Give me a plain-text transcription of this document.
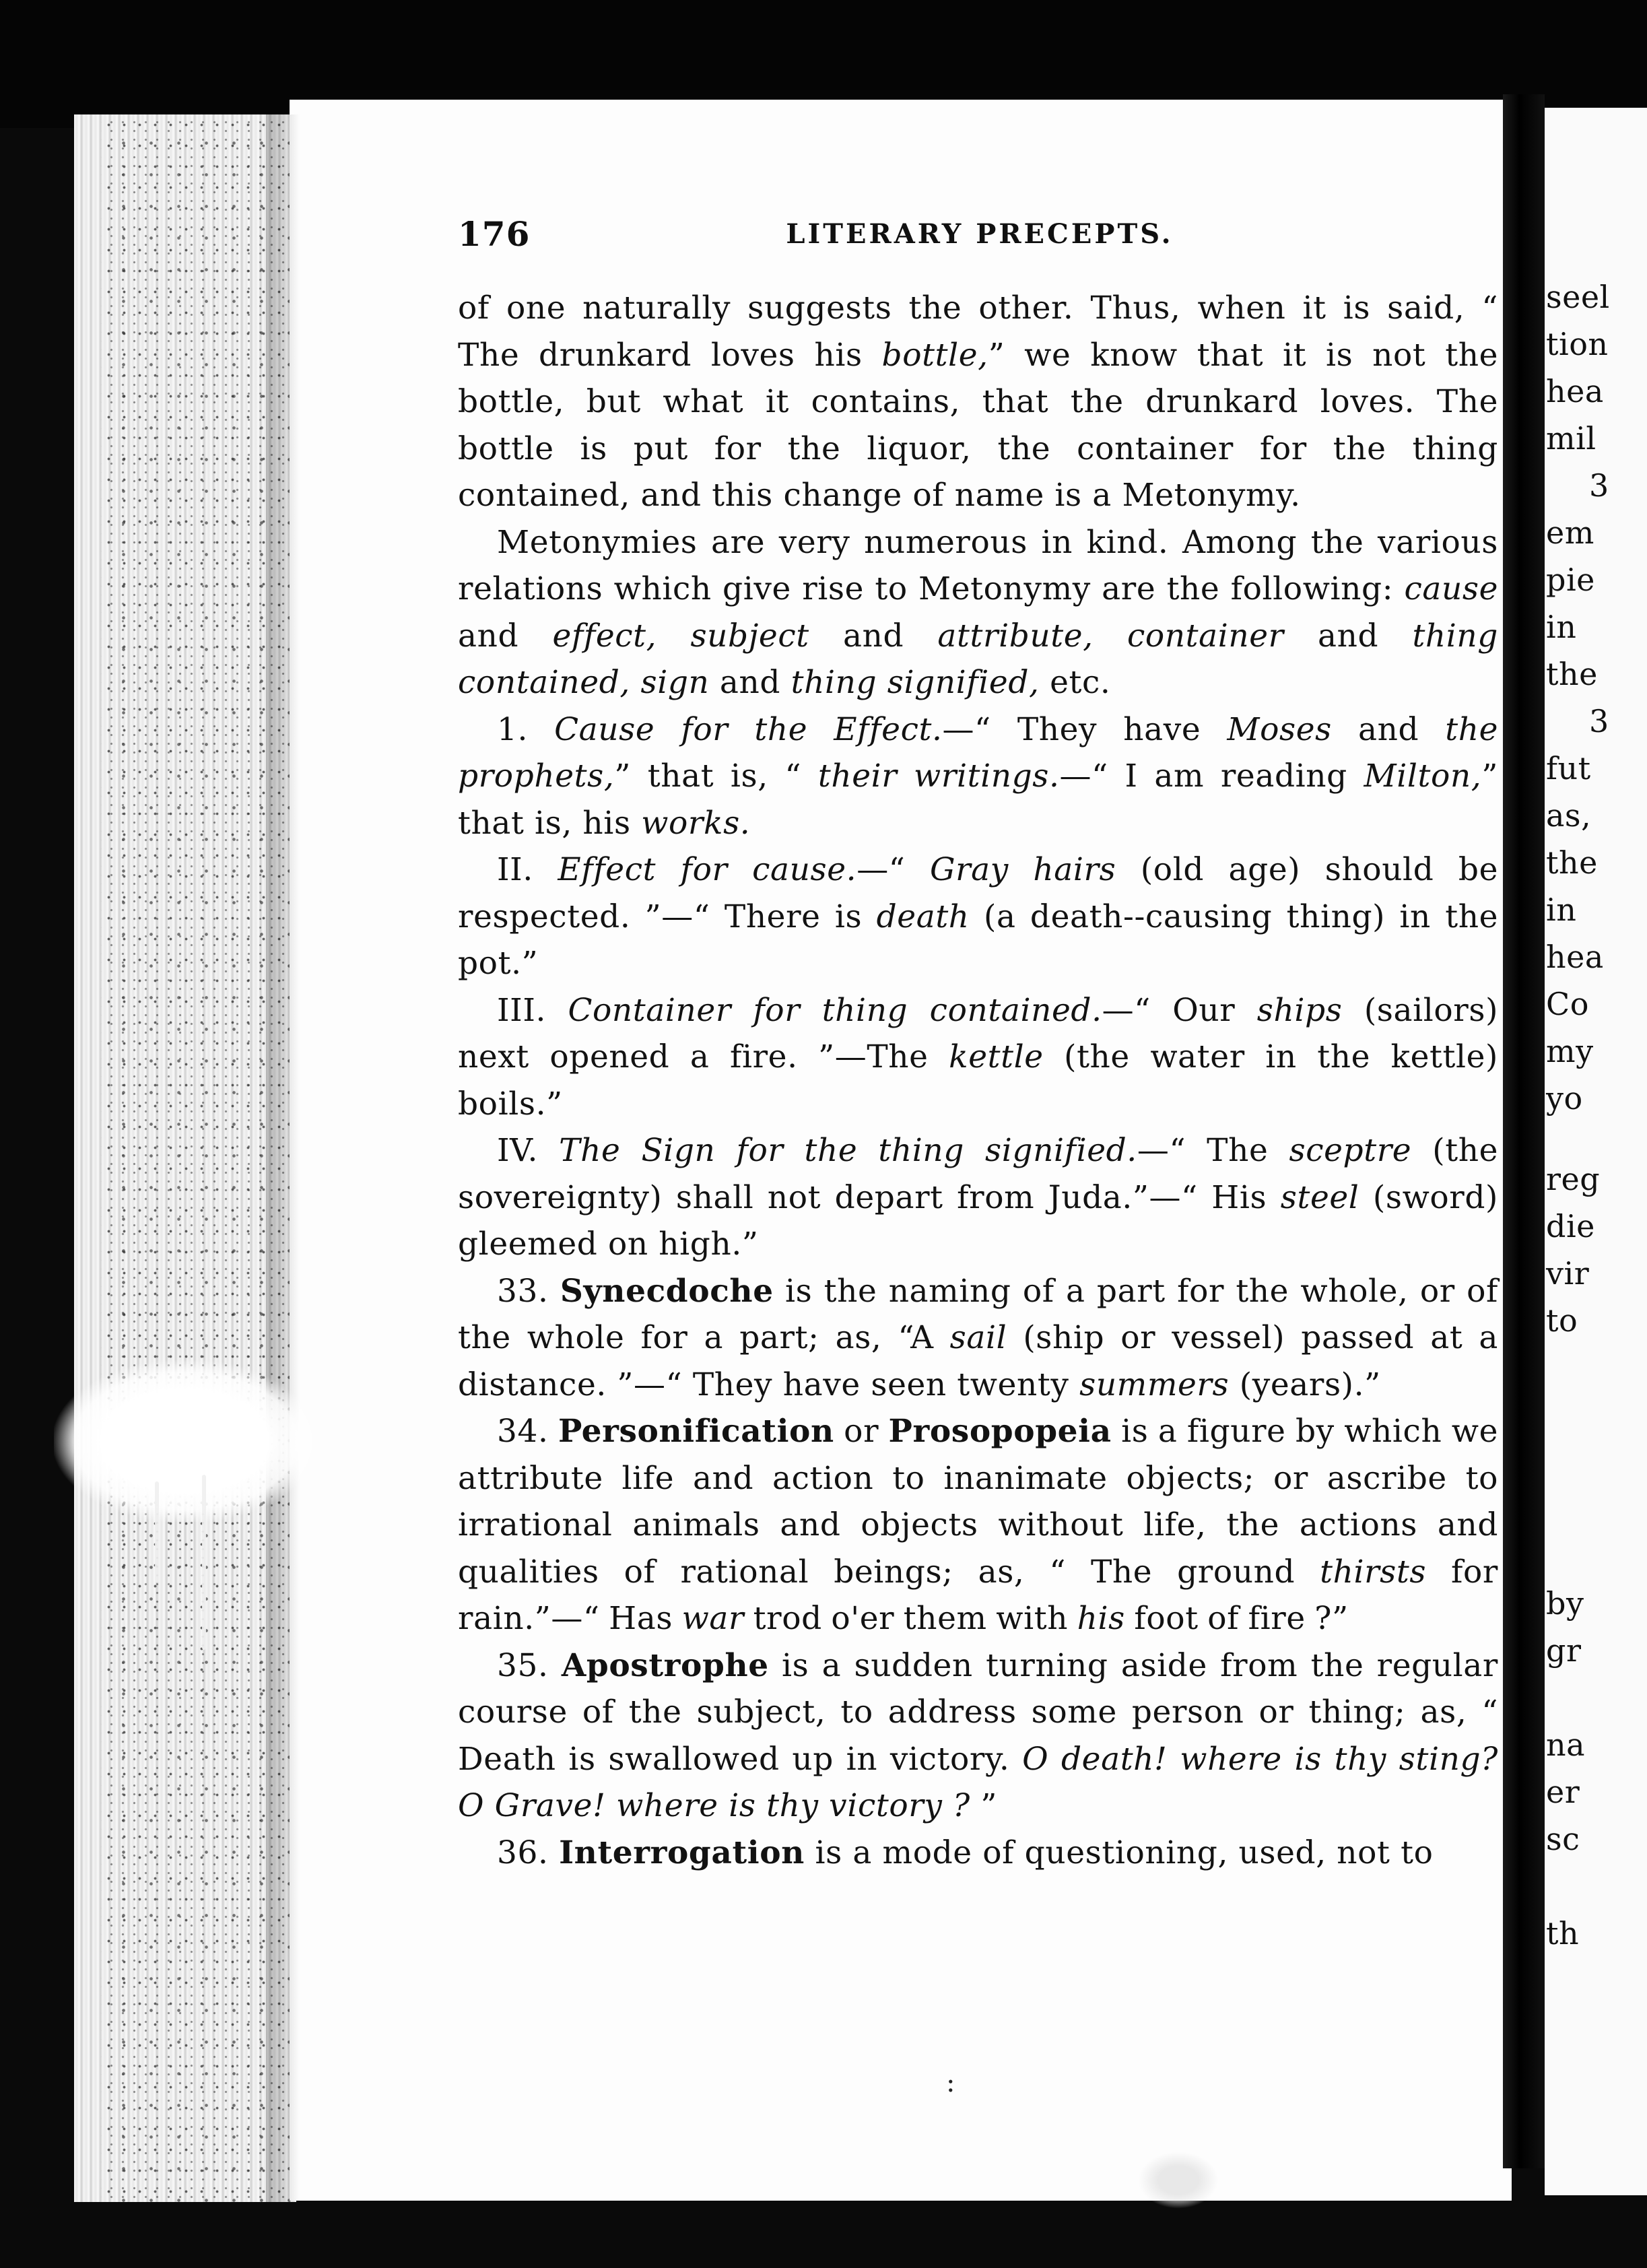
seel

tion

hea

mil

3

em

pie

in

the

3

fut

as,

the

in

hea

Co

my

yo

reg

die

vir

to

by

gr

na

er

sc

th

176	LITERARY PRECEPTS.

of one naturally suggests the other. Thus, when it is said, “ The drunkard loves his bottle,” we know that it is not the bottle, but what it contains, that the drunkard loves. The bottle is put for the liquor, the container for the thing contained, and this change of name is a Metonymy.

Metonymies are very numerous in kind. Among the various relations which give rise to Metonymy are the following: cause and effect, subject and attribute, container and thing contained, sign and thing signified, etc.

1. Cause for the Effect.—“ They have Moses and the prophets,” that is, “ their writings.—“ I am reading Milton,” that is, his works.

II. Effect for cause.—“ Gray hairs (old age) should be respected. ”—“ There is death (a death--causing thing) in the pot.”

III. Container for thing contained.—“ Our ships (sailors) next opened a fire. ”—The kettle (the water in the kettle) boils.”

IV. The Sign for the thing signified.—“ The sceptre (the sovereignty) shall not depart from Juda.”—“ His steel (sword) gleemed on high.”

33. Synecdoche is the naming of a part for the whole, or of the whole for a part; as, “A sail (ship or vessel) passed at a distance. ”—“ They have seen twenty summers (years).”

34. Personification or Prosopopeia is a figure by which we attribute life and action to inanimate objects; or ascribe to irrational animals and objects without life, the actions and qualities of rational beings; as, “ The ground thirsts for rain.”—“ Has war trod o'er them with his foot of fire ?”

35. Apostrophe is a sudden turning aside from the regular course of the subject, to address some person or thing; as, “ Death is swallowed up in victory. O death! where is thy sting? O Grave! where is thy victory ? ”

36. Interrogation is a mode of questioning, used, not to

:
